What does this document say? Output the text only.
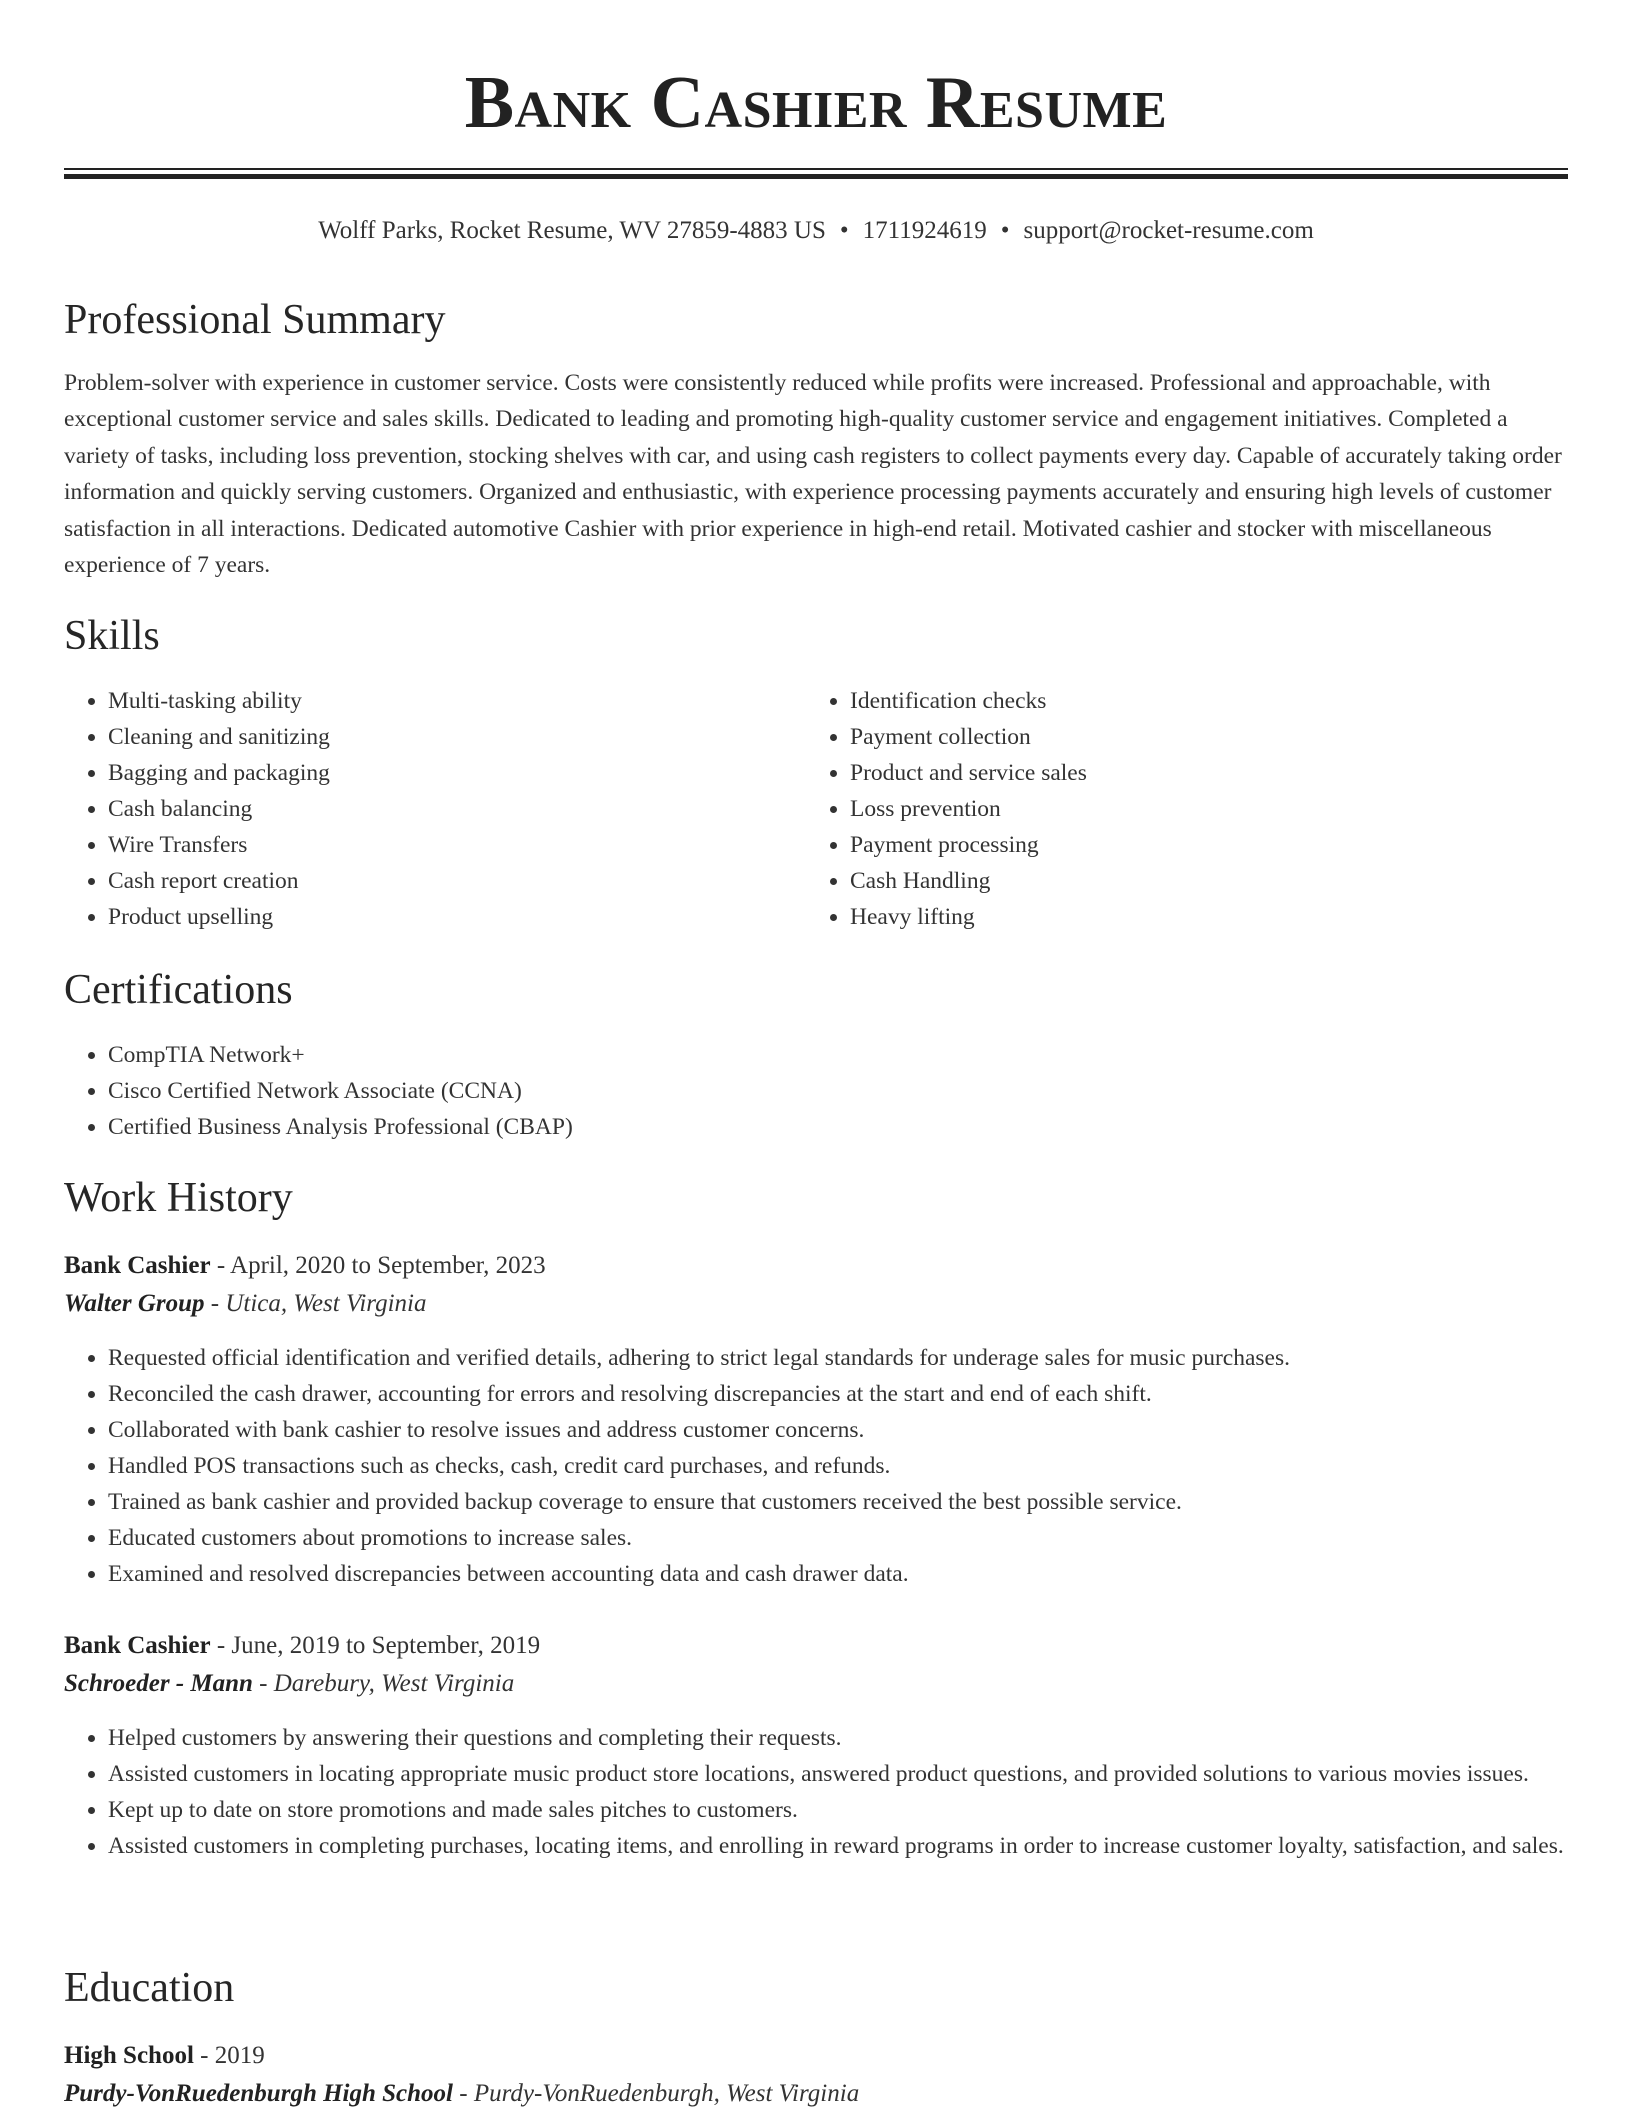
Bank Cashier Resume
Wolff Parks, Rocket Resume, WV 27859-4883 US • 1711924619 • support@rocket-resume.com
Professional Summary

Problem-solver with experience in customer service. Costs were consistently reduced while profits were increased. Professional and approachable, with exceptional customer service and sales skills. Dedicated to leading and promoting high-quality customer service and engagement initiatives. Completed a variety of tasks, including loss prevention, stocking shelves with car, and using cash registers to collect payments every day. Capable of accurately taking order information and quickly serving customers. Organized and enthusiastic, with experience processing payments accurately and ensuring high levels of customer satisfaction in all interactions. Dedicated automotive Cashier with prior experience in high-end retail. Motivated cashier and stocker with miscellaneous experience of 7 years.

Skills
• Multi-tasking ability
• Cleaning and sanitizing
• Bagging and packaging
• Cash balancing
• Wire Transfers
• Cash report creation
• Product upselling
• Identification checks
• Payment collection
• Product and service sales
• Loss prevention
• Payment processing
• Cash Handling
• Heavy lifting
Certifications
• CompTIA Network+
• Cisco Certified Network Associate (CCNA)
• Certified Business Analysis Professional (CBAP)
Work History
Bank Cashier - April, 2020 to September, 2023
Walter Group - Utica, West Virginia
• Requested official identification and verified details, adhering to strict legal standards for underage sales for music purchases.
• Reconciled the cash drawer, accounting for errors and resolving discrepancies at the start and end of each shift.
• Collaborated with bank cashier to resolve issues and address customer concerns.
• Handled POS transactions such as checks, cash, credit card purchases, and refunds.
• Trained as bank cashier and provided backup coverage to ensure that customers received the best possible service.
• Educated customers about promotions to increase sales.
• Examined and resolved discrepancies between accounting data and cash drawer data.
Bank Cashier - June, 2019 to September, 2019
Schroeder - Mann - Darebury, West Virginia
• Helped customers by answering their questions and completing their requests.
• Assisted customers in locating appropriate music product store locations, answered product questions, and provided solutions to various movies issues.
• Kept up to date on store promotions and made sales pitches to customers.
• Assisted customers in completing purchases, locating items, and enrolling in reward programs in order to increase customer loyalty, satisfaction, and sales.
Education
High School - 2019
Purdy-VonRuedenburgh High School - Purdy-VonRuedenburgh, West Virginia
